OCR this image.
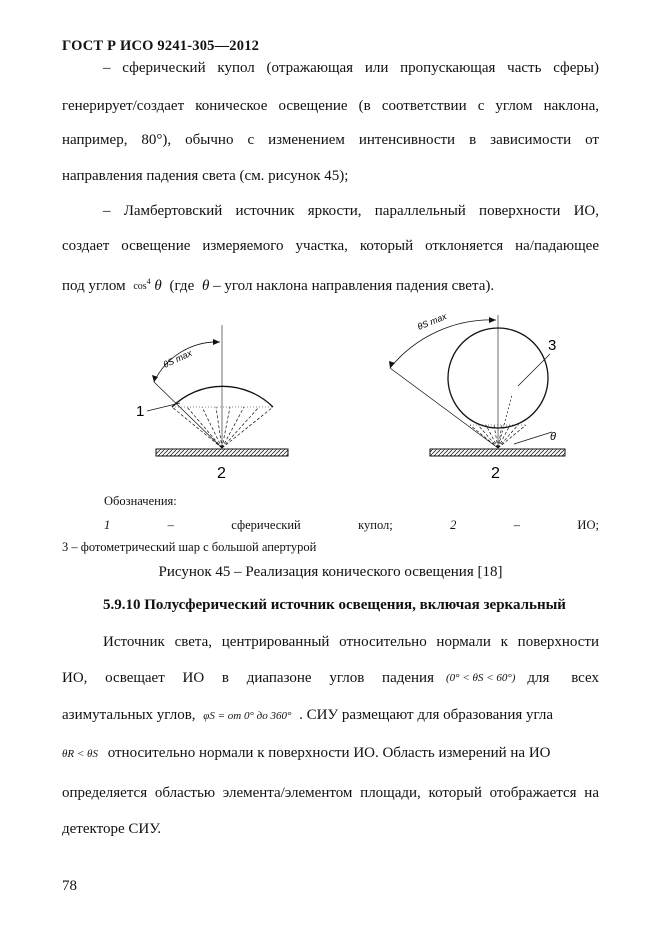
ГОСТ Р ИСО 9241-305—2012
– сферический купол (отражающая или пропускающая часть сферы)
генерирует/создает коническое освещение (в соответствии с углом наклона,
например, 80°), обычно с изменением интенсивности в зависимости от
направления падения света (см. рисунок 45);
– Ламбертовский источник яркости, параллельный поверхности ИО,
создает освещение измеряемого участка, который отклоняется на/падающее
под углом $\cos^4 \theta$ (где θ – угол наклона направления падения света).
θS max
1
2
θS max
3
θ
2
Обозначения:
1	–	сферический	купол;	2	–	ИО;
3 – фотометрический шар с большой апертурой
Рисунок 45 – Реализация конического освещения [18]
5.9.10 Полусферический источник освещения, включая зеркальный
Источник света, центрированный относительно нормали к поверхности
ИО, освещает ИО в диапазоне углов падения (0° < θS < 60°) для всех
азимутальных углов, φS = от 0° до 360° . СИУ размещают для образования угла
θR < θS относительно нормали к поверхности ИО. Область измерений на ИО
определяется областью элемента/элементом площади, который отображается на
детекторе СИУ.
78
